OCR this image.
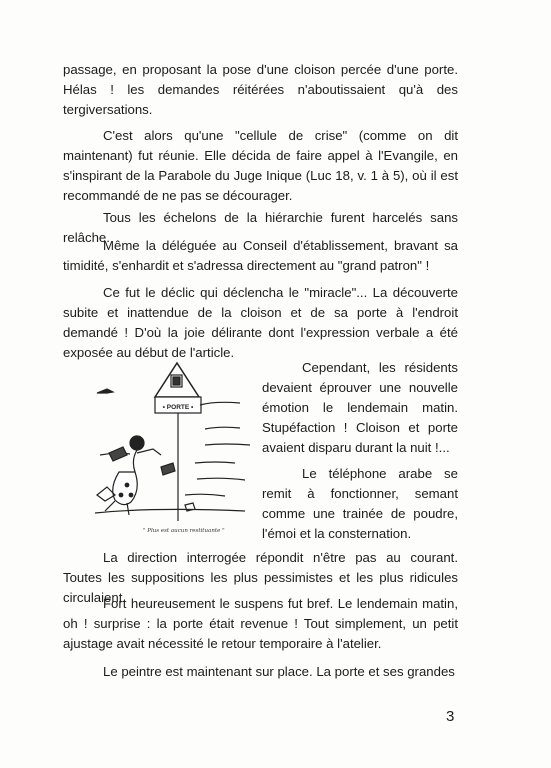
passage, en proposant la pose d'une cloison percée d'une porte. Hélas ! les demandes réitérées n'aboutissaient qu'à des tergiversations.

C'est alors qu'une "cellule de crise" (comme on dit maintenant) fut réunie. Elle décida de faire appel à l'Evangile, en s'inspirant de la Parabole du Juge Inique (Luc 18, v. 1 à 5), où il est recommandé de ne pas se décourager.

Tous les échelons de la hiérarchie furent harcelés sans relâche.

Même la déléguée au Conseil d'établissement, bravant sa timidité, s'enhardit et s'adressa directement au "grand patron" !

Ce fut le déclic qui déclencha le "miracle"... La découverte subite et inattendue de la cloison et de sa porte à l'endroit demandé ! D'où la joie délirante dont l'expression verbale a été exposée au début de l'article.

• PORTE •
" Plus est aucun restituante "

Cependant, les résidents devaient éprouver une nouvelle émotion le lendemain matin. Stupéfaction ! Cloison et porte avaient disparu durant la nuit !...

Le téléphone arabe se remit à fonctionner, semant comme une trainée de poudre, l'émoi et la consternation.

La direction interrogée répondit n'être pas au courant. Toutes les suppositions les plus pessimistes et les plus ridicules circulaient.

Fort heureusement le suspens fut bref. Le lendemain matin, oh ! surprise : la porte était revenue ! Tout simplement, un petit ajustage avait nécessité le retour temporaire à l'atelier.

Le peintre est maintenant sur place. La porte et ses grandes

3
